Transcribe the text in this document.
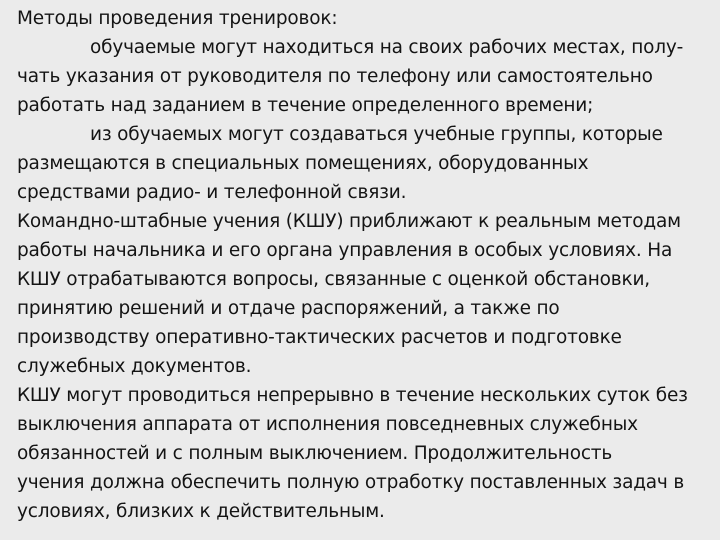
Методы проведения тренировок:
обучаемые могут находиться на своих рабочих местах, полу-
чать указания от руководителя по телефону или самостоятельно
работать над заданием в течение определенного времени;
из обучаемых могут создаваться учебные группы, которые
размещаются в специальных помещениях, оборудованных
средствами радио- и телефонной связи.
Командно-штабные учения (КШУ) приближают к реальным методам
работы начальника и его органа управления в особых условиях. На
КШУ отрабатываются вопросы, связанные с оценкой обстановки,
принятию решений и отдаче распоряжений, а также по
производству оперативно-тактических расчетов и подготовке
служебных документов.
КШУ могут проводиться непрерывно в течение нескольких суток без
выключения аппарата от исполнения повседневных служебных
обязанностей и с полным выключением. Продолжительность
учения должна обеспечить полную отработку поставленных задач в
условиях, близких к действительным.
